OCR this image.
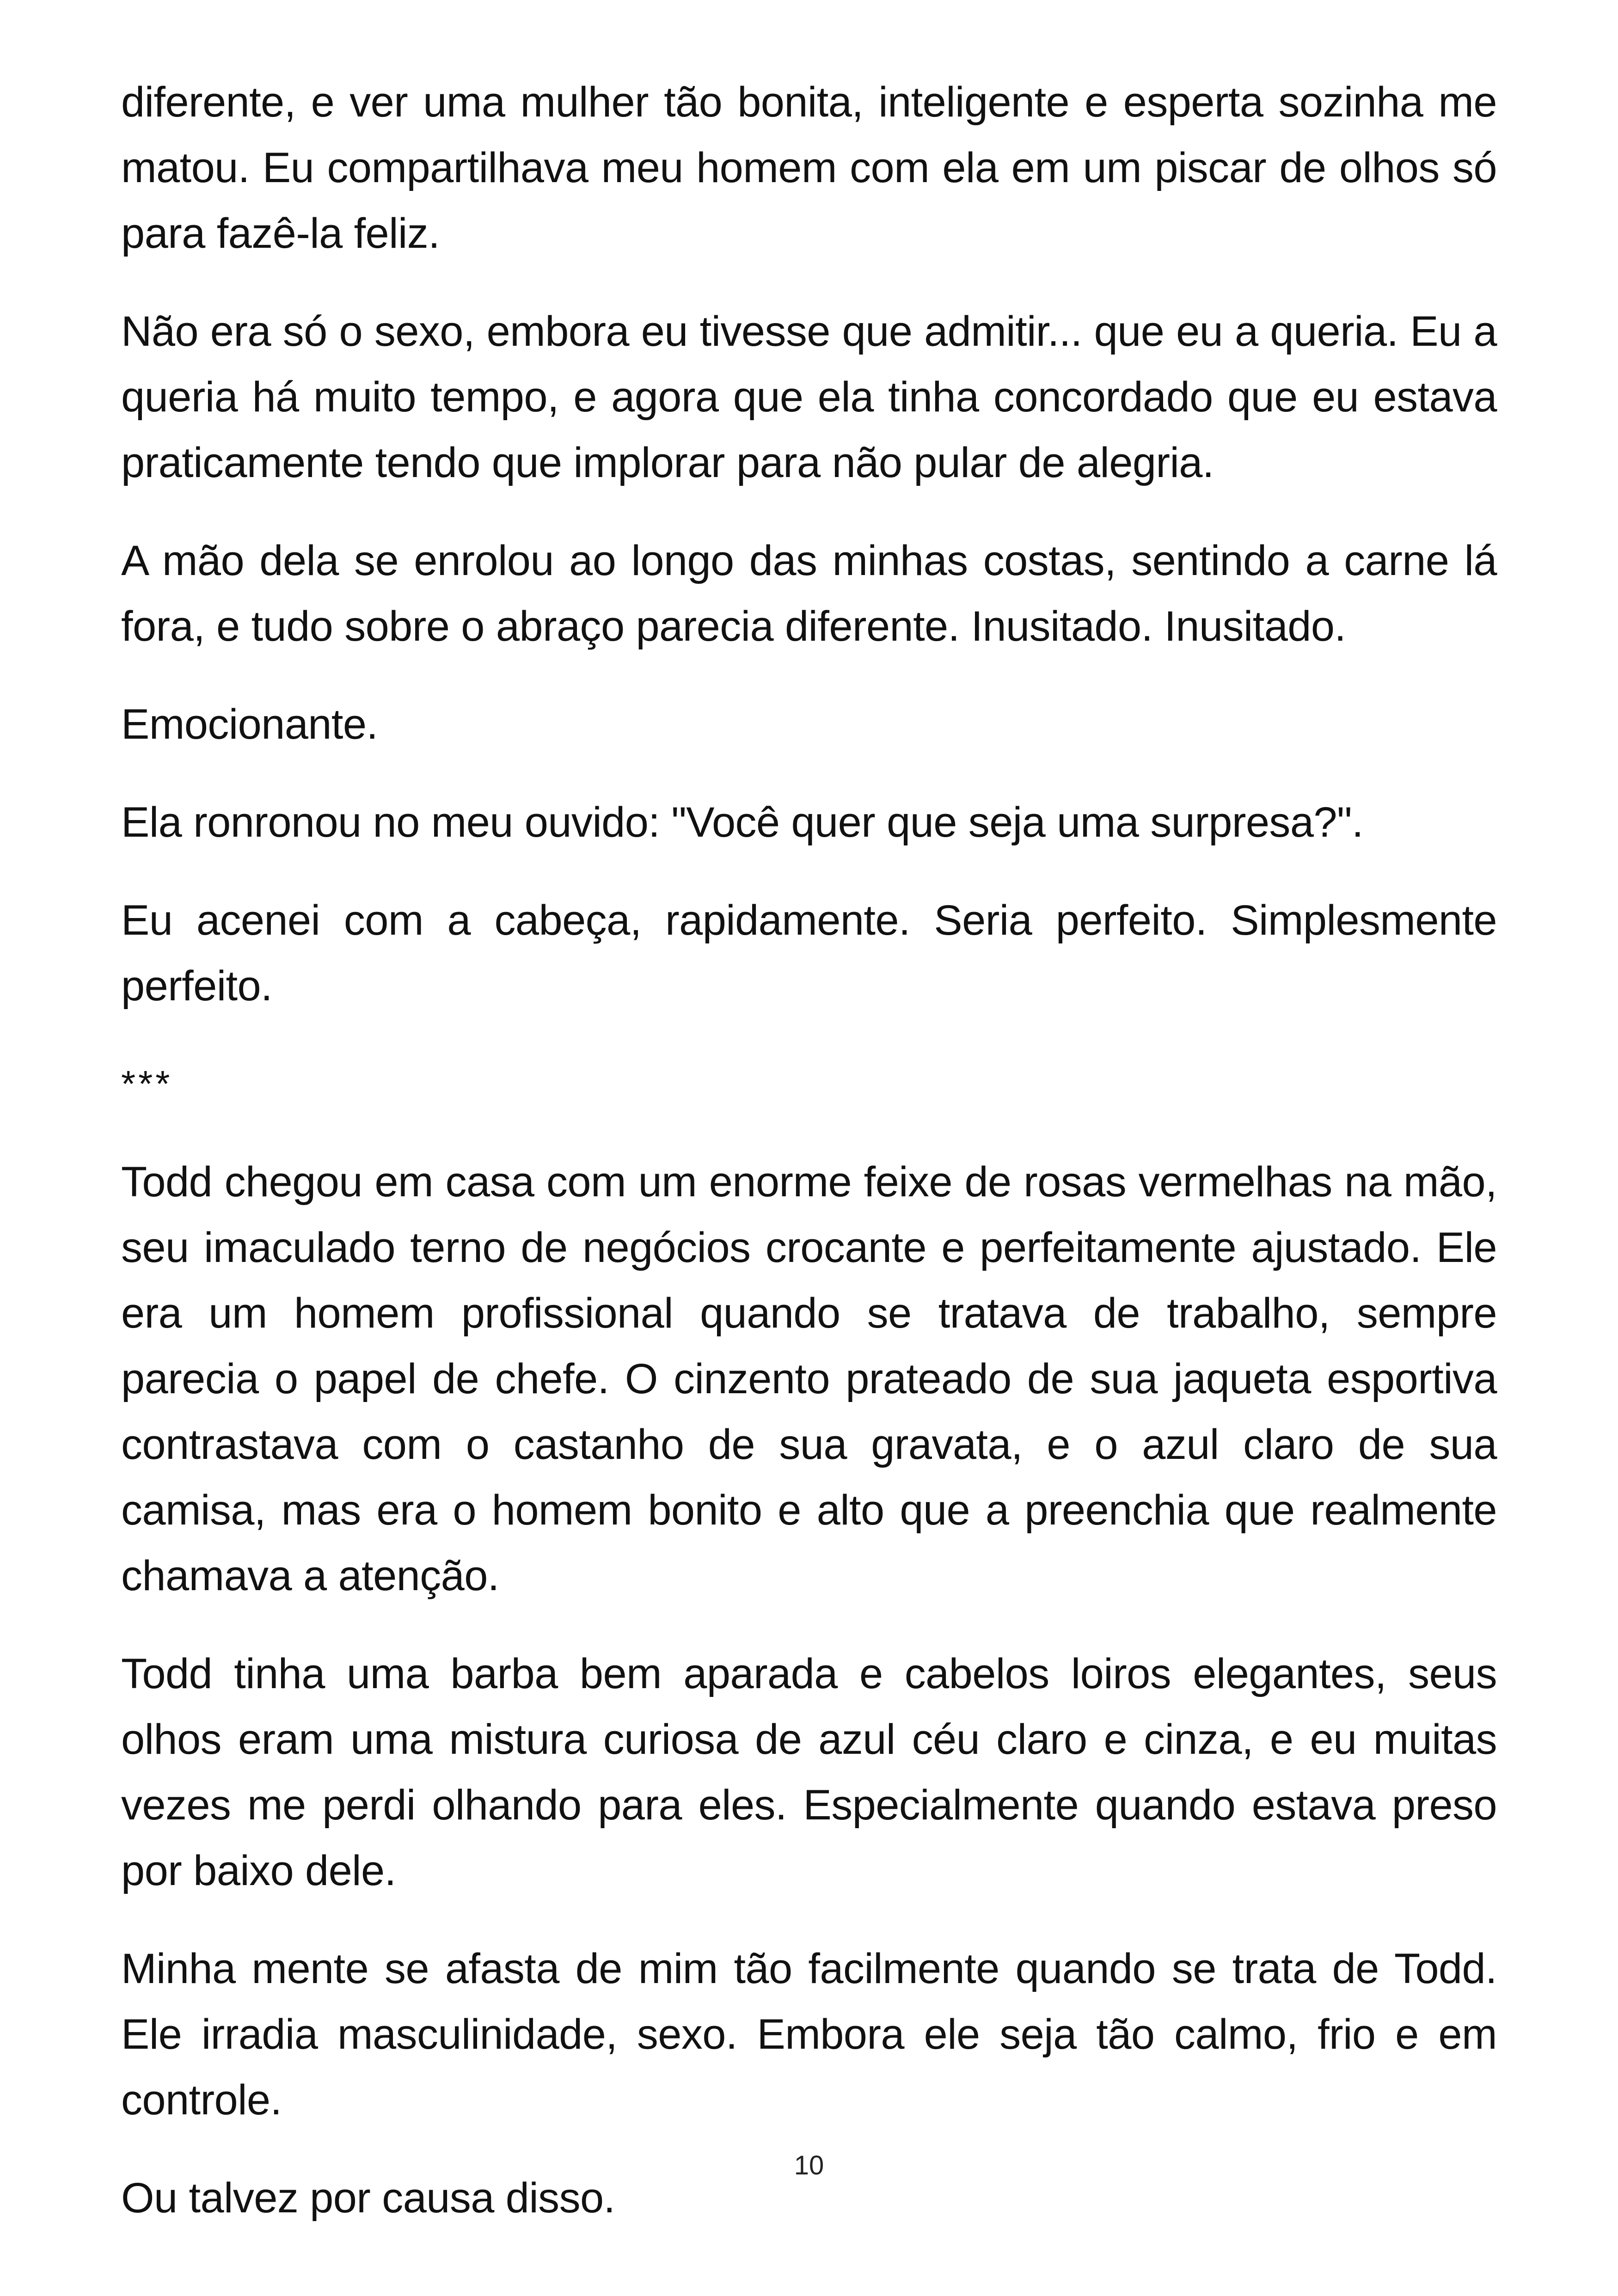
diferente, e ver uma mulher tão bonita, inteligente e esperta sozinha me matou. Eu compartilhava meu homem com ela em um piscar de olhos só para fazê-la feliz.

Não era só o sexo, embora eu tivesse que admitir... que eu a queria. Eu a queria há muito tempo, e agora que ela tinha concordado que eu estava praticamente tendo que implorar para não pular de alegria.

A mão dela se enrolou ao longo das minhas costas, sentindo a carne lá fora, e tudo sobre o abraço parecia diferente. Inusitado. Inusitado.

Emocionante.

Ela ronronou no meu ouvido: "Você quer que seja uma surpresa?".

Eu acenei com a cabeça, rapidamente. Seria perfeito. Simplesmente perfeito.

***

Todd chegou em casa com um enorme feixe de rosas vermelhas na mão, seu imaculado terno de negócios crocante e perfeitamente ajustado. Ele era um homem profissional quando se tratava de trabalho, sempre parecia o papel de chefe. O cinzento prateado de sua jaqueta esportiva contrastava com o castanho de sua gravata, e o azul claro de sua camisa, mas era o homem bonito e alto que a preenchia que realmente chamava a atenção.

Todd tinha uma barba bem aparada e cabelos loiros elegantes, seus olhos eram uma mistura curiosa de azul céu claro e cinza, e eu muitas vezes me perdi olhando para eles. Especialmente quando estava preso por baixo dele.

Minha mente se afasta de mim tão facilmente quando se trata de Todd. Ele irradia masculinidade, sexo. Embora ele seja tão calmo, frio e em controle.

Ou talvez por causa disso.

10
